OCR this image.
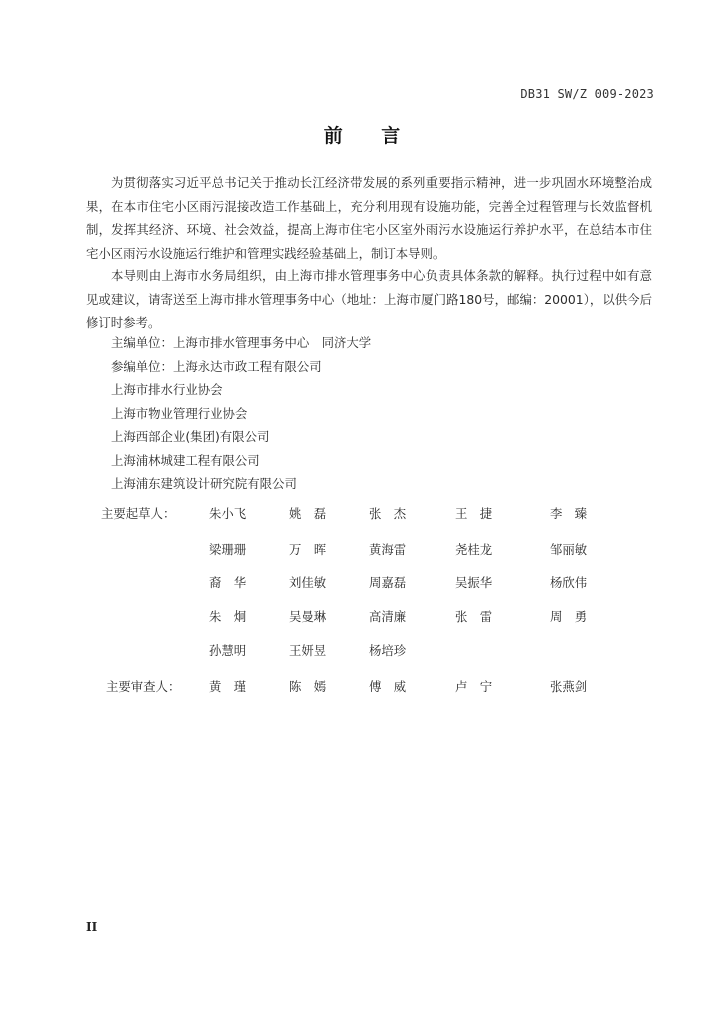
DB31 SW/Z 009-2023
前 言

为贯彻落实习近平总书记关于推动长江经济带发展的系列重要指示精神，进一步巩固水环境整治成果，在本市住宅小区雨污混接改造工作基础上，充分利用现有设施功能，完善全过程管理与长效监督机制，发挥其经济、环境、社会效益，提高上海市住宅小区室外雨污水设施运行养护水平，在总结本市住宅小区雨污水设施运行维护和管理实践经验基础上，制订本导则。

本导则由上海市水务局组织，由上海市排水管理事务中心负责具体条款的解释。执行过程中如有意见或建议，请寄送至上海市排水管理事务中心（地址：上海市厦门路180号，邮编：20001），以供今后修订时参考。

主编单位：上海市排水管理事务中心　同济大学
参编单位：上海永达市政工程有限公司
上海市排水行业协会
上海市物业管理行业协会
上海西部企业(集团)有限公司
上海浦林城建工程有限公司
上海浦东建筑设计研究院有限公司
主要起草人：	朱小飞	姚　磊	张　杰	王　捷	李　臻
梁珊珊	万　晖	黄海雷	尧桂龙	邹丽敏
裔　华	刘佳敏	周嘉磊	吴振华	杨欣伟
朱　炯	吴曼琳	高清廉	张　雷	周　勇
孙慧明	王妍昱	杨培珍
主要审查人： 黄　瑾	陈　嫣	傅　威	卢　宁	张燕剑
II
